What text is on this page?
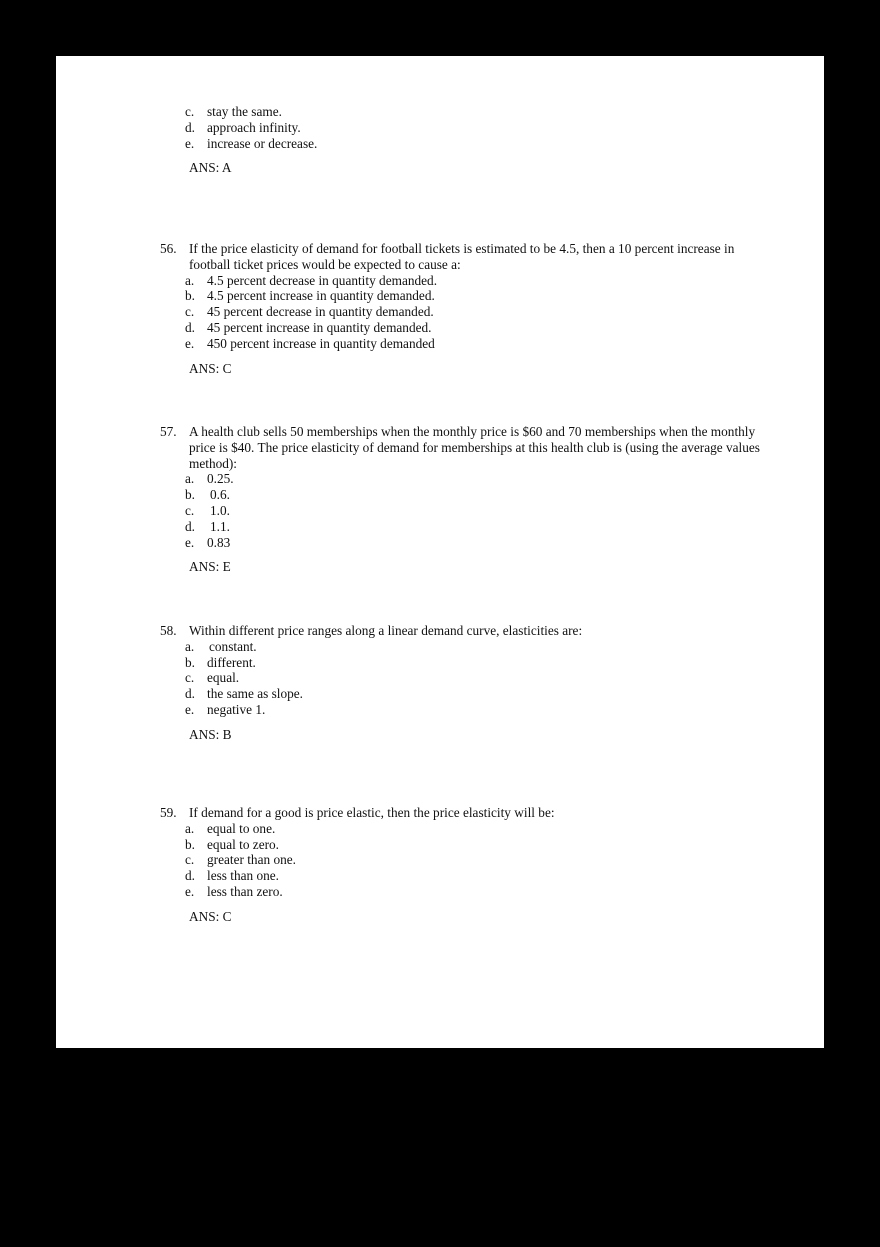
c. stay the same.
d. approach infinity.
e. increase or decrease.
ANS: A
56. If the price elasticity of demand for football tickets is estimated to be 4.5, then a 10 percent increase in football ticket prices would be expected to cause a:
a. 4.5 percent decrease in quantity demanded.
b. 4.5 percent increase in quantity demanded.
c. 45 percent decrease in quantity demanded.
d. 45 percent increase in quantity demanded.
e. 450 percent increase in quantity demanded
ANS: C
57. A health club sells 50 memberships when the monthly price is $60 and 70 memberships when the monthly price is $40. The price elasticity of demand for memberships at this health club is (using the average values method):
a. 0.25.
b. 0.6.
c. 1.0.
d. 1.1.
e. 0.83
ANS: E
58. Within different price ranges along a linear demand curve, elasticities are:
a. constant.
b. different.
c. equal.
d. the same as slope.
e. negative 1.
ANS: B
59. If demand for a good is price elastic, then the price elasticity will be:
a. equal to one.
b. equal to zero.
c. greater than one.
d. less than one.
e. less than zero.
ANS: C
